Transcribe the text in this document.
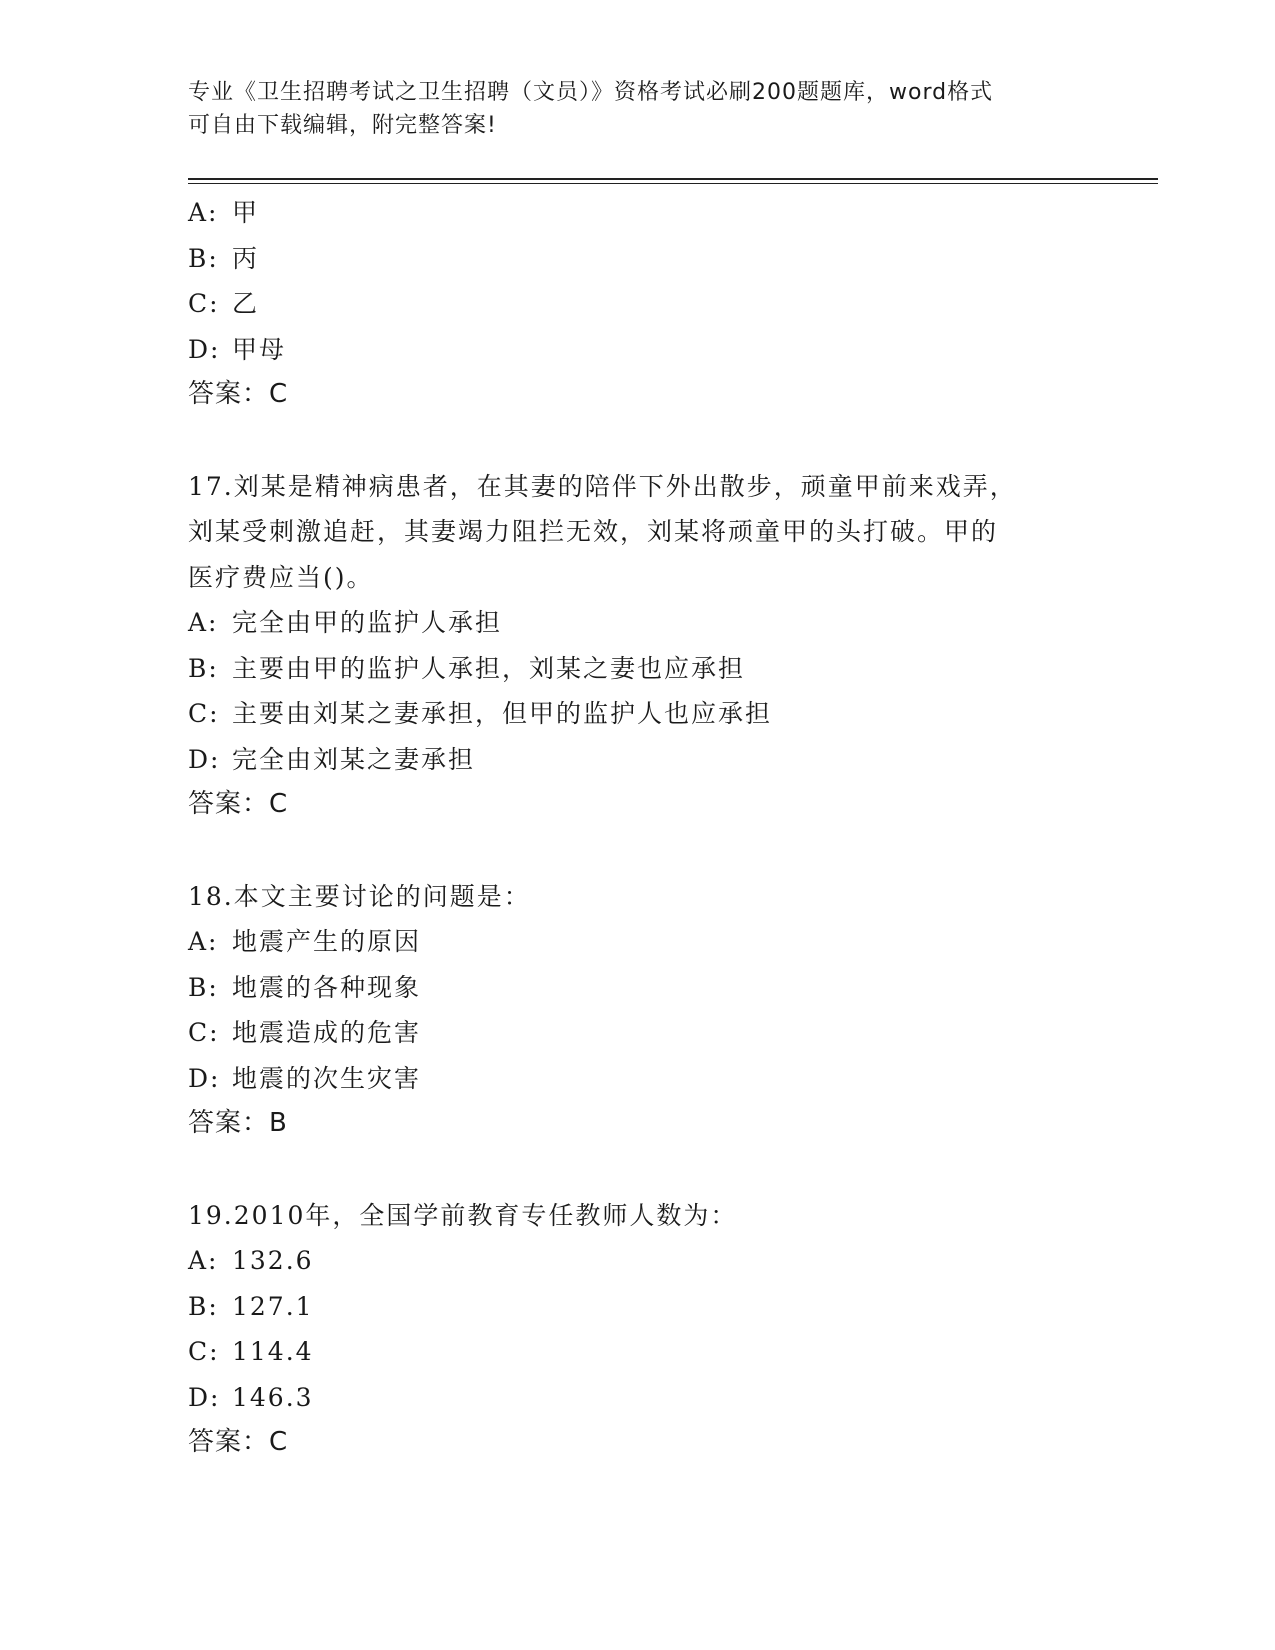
专业《卫生招聘考试之卫生招聘（文员）》资格考试必刷200题题库，word格式
可自由下载编辑，附完整答案!
A: 甲
B: 丙
C: 乙
D: 甲母
答案：C
17.刘某是精神病患者，在其妻的陪伴下外出散步，顽童甲前来戏弄，
刘某受刺激追赶，其妻竭力阻拦无效，刘某将顽童甲的头打破。甲的
医疗费应当()。
A: 完全由甲的监护人承担
B: 主要由甲的监护人承担，刘某之妻也应承担
C: 主要由刘某之妻承担，但甲的监护人也应承担
D: 完全由刘某之妻承担
答案：C
18.本文主要讨论的问题是：
A: 地震产生的原因
B: 地震的各种现象
C: 地震造成的危害
D: 地震的次生灾害
答案：B
19.2010年，全国学前教育专任教师人数为：
A: 132.6
B: 127.1
C: 114.4
D: 146.3
答案：C
